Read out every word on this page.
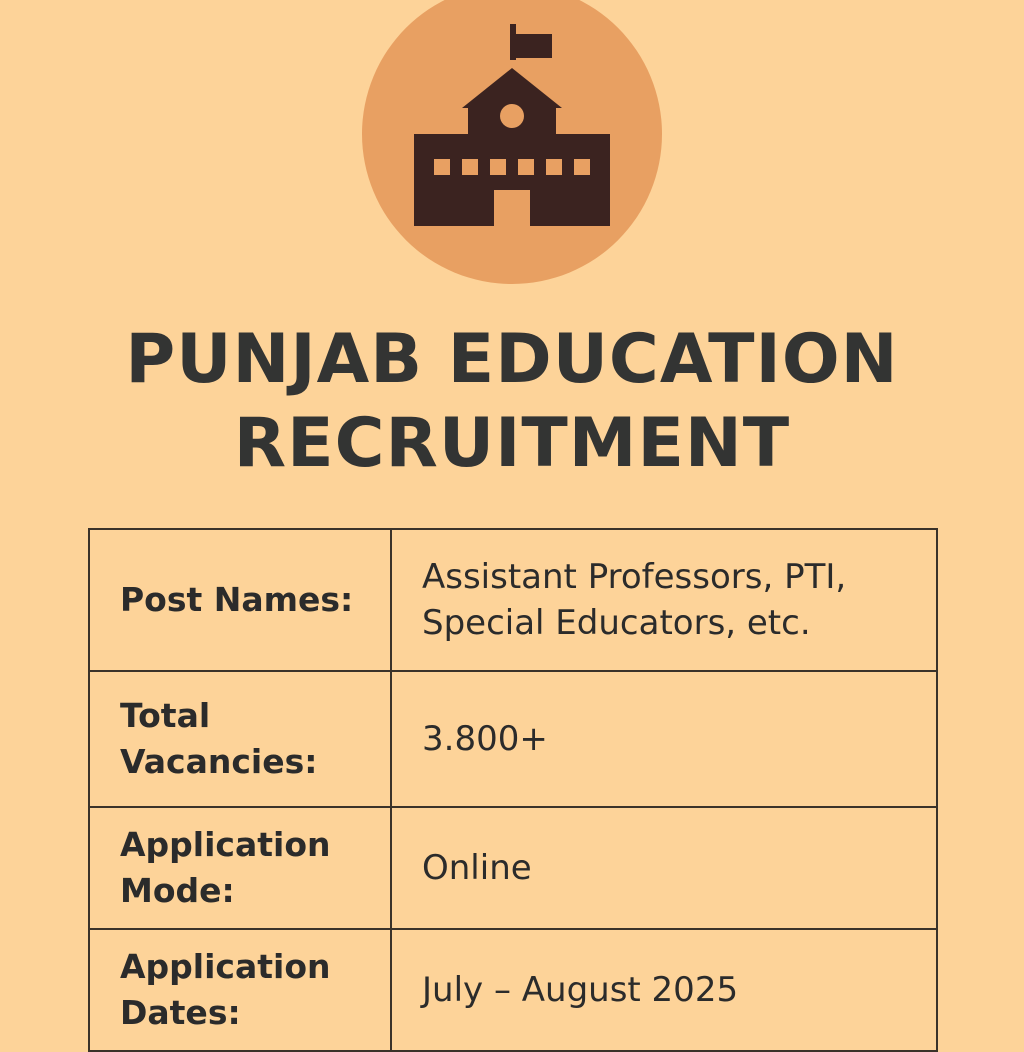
PUNJAB EDUCATION
RECRUITMENT
Post Names:	Assistant Professors, PTI, Special Educators, etc.
Total Vacancies:	3.800+
Application Mode:	Online
Application Dates:	July – August 2025
